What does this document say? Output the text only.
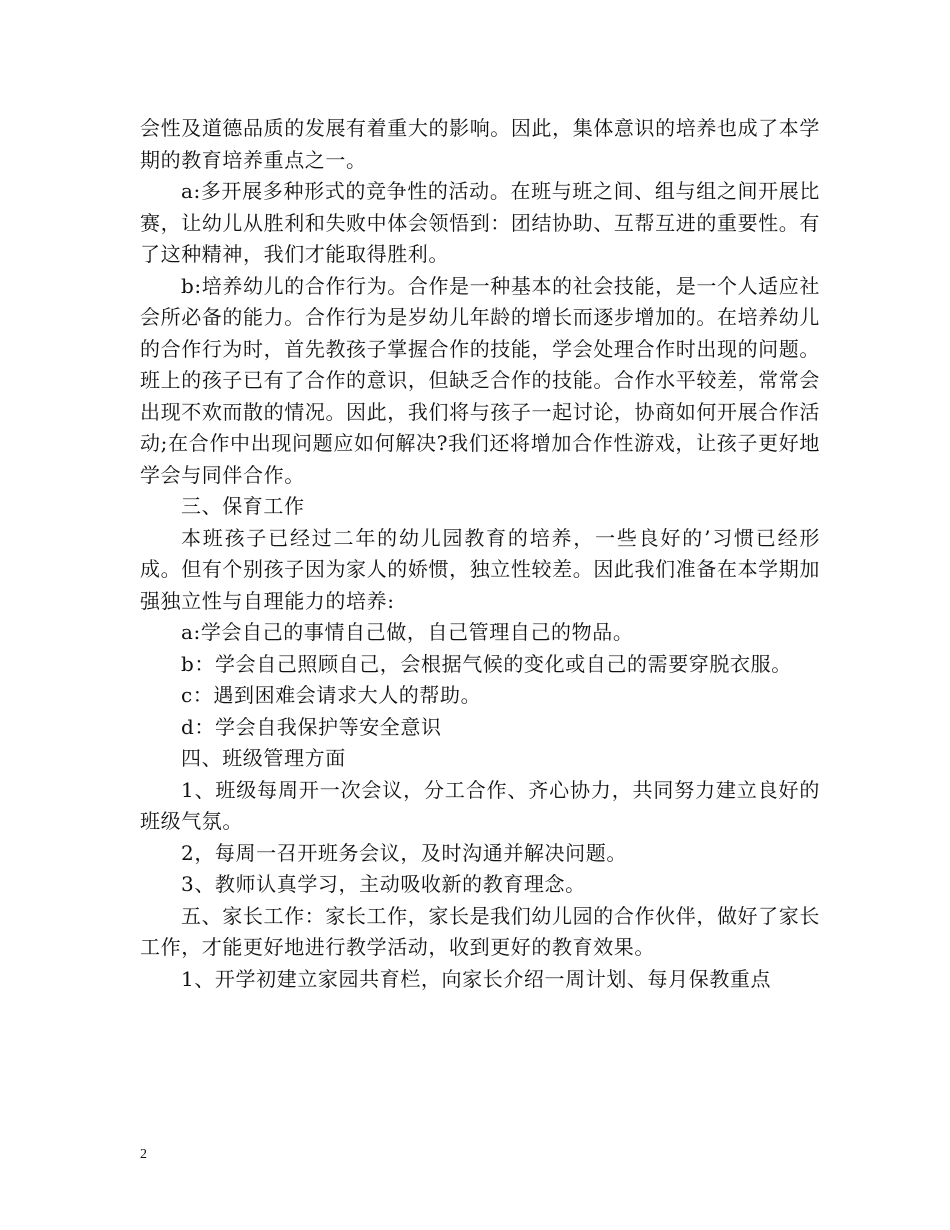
会性及道德品质的发展有着重大的影响。因此，集体意识的培养也成了本学期的教育培养重点之一。

a:多开展多种形式的竞争性的活动。在班与班之间、组与组之间开展比赛，让幼儿从胜利和失败中体会领悟到：团结协助、互帮互进的重要性。有了这种精神，我们才能取得胜利。

b:培养幼儿的合作行为。合作是一种基本的社会技能，是一个人适应社会所必备的能力。合作行为是岁幼儿年龄的增长而逐步增加的。在培养幼儿的合作行为时，首先教孩子掌握合作的技能，学会处理合作时出现的问题。班上的孩子已有了合作的意识，但缺乏合作的技能。合作水平较差，常常会出现不欢而散的情况。因此，我们将与孩子一起讨论，协商如何开展合作活动;在合作中出现问题应如何解决?我们还将增加合作性游戏，让孩子更好地学会与同伴合作。

三、保育工作

本班孩子已经过二年的幼儿园教育的培养，一些良好的’习惯已经形成。但有个别孩子因为家人的娇惯，独立性较差。因此我们准备在本学期加强独立性与自理能力的培养:

a:学会自己的事情自己做，自己管理自己的物品。

b：学会自己照顾自己，会根据气候的变化或自己的需要穿脱衣服。

c：遇到困难会请求大人的帮助。

d：学会自我保护等安全意识

四、班级管理方面

1、班级每周开一次会议，分工合作、齐心协力，共同努力建立良好的班级气氛。

2，每周一召开班务会议，及时沟通并解决问题。

3、教师认真学习，主动吸收新的教育理念。

五、家长工作：家长工作，家长是我们幼儿园的合作伙伴，做好了家长工作，才能更好地进行教学活动，收到更好的教育效果。

1、开学初建立家园共育栏，向家长介绍一周计划、每月保教重点

2
